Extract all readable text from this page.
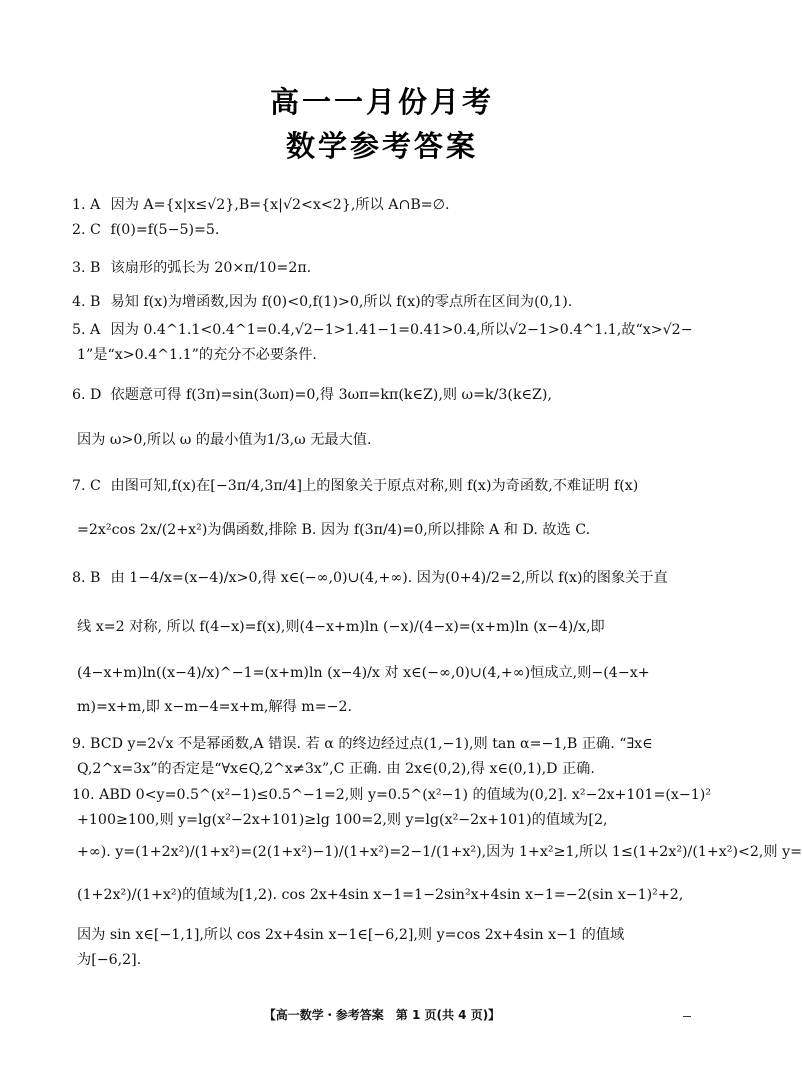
高一一月份月考
数学参考答案
1. A 因为 A={x|x≤√2},B={x|√2<x<2},所以 A∩B=∅.
2. C f(0)=f(5−5)=5.
3. B 该扇形的弧长为 20×π/10=2π.
4. B 易知 f(x)为增函数,因为 f(0)<0,f(1)>0,所以 f(x)的零点所在区间为(0,1).
5. A 因为 0.4^1.1<0.4^1=0.4,√2−1>1.41−1=0.41>0.4,所以√2−1>0.4^1.1,故“x>√2−
1”是“x>0.4^1.1”的充分不必要条件.
6. D 依题意可得 f(3π)=sin(3ωπ)=0,得 3ωπ=kπ(k∈Z),则 ω=k/3(k∈Z),
因为 ω>0,所以 ω 的最小值为1/3,ω 无最大值.
7. C 由图可知,f(x)在[−3π/4,3π/4]上的图象关于原点对称,则 f(x)为奇函数,不难证明 f(x)
=2x²cos 2x/(2+x²)为偶函数,排除 B. 因为 f(3π/4)=0,所以排除 A 和 D. 故选 C.
8. B 由 1−4/x=(x−4)/x>0,得 x∈(−∞,0)∪(4,+∞). 因为(0+4)/2=2,所以 f(x)的图象关于直
线 x=2 对称, 所以 f(4−x)=f(x),则(4−x+m)ln (−x)/(4−x)=(x+m)ln (x−4)/x,即
(4−x+m)ln((x−4)/x)^−1=(x+m)ln (x−4)/x 对 x∈(−∞,0)∪(4,+∞)恒成立,则−(4−x+
m)=x+m,即 x−m−4=x+m,解得 m=−2.
9. BCD y=2√x 不是幂函数,A 错误. 若 α 的终边经过点(1,−1),则 tan α=−1,B 正确. “∃x∈
Q,2^x=3x”的否定是“∀x∈Q,2^x≠3x”,C 正确. 由 2x∈(0,2),得 x∈(0,1),D 正确.
10. ABD 0<y=0.5^(x²−1)≤0.5^−1=2,则 y=0.5^(x²−1) 的值域为(0,2]. x²−2x+101=(x−1)²
+100≥100,则 y=lg(x²−2x+101)≥lg 100=2,则 y=lg(x²−2x+101)的值域为[2,
+∞). y=(1+2x²)/(1+x²)=(2(1+x²)−1)/(1+x²)=2−1/(1+x²),因为 1+x²≥1,所以 1≤(1+2x²)/(1+x²)<2,则 y=
(1+2x²)/(1+x²)的值域为[1,2). cos 2x+4sin x−1=1−2sin²x+4sin x−1=−2(sin x−1)²+2,
因为 sin x∈[−1,1],所以 cos 2x+4sin x−1∈[−6,2],则 y=cos 2x+4sin x−1 的值域
为[−6,2].
【高一数学・参考答案　第 1 页(共 4 页)】
